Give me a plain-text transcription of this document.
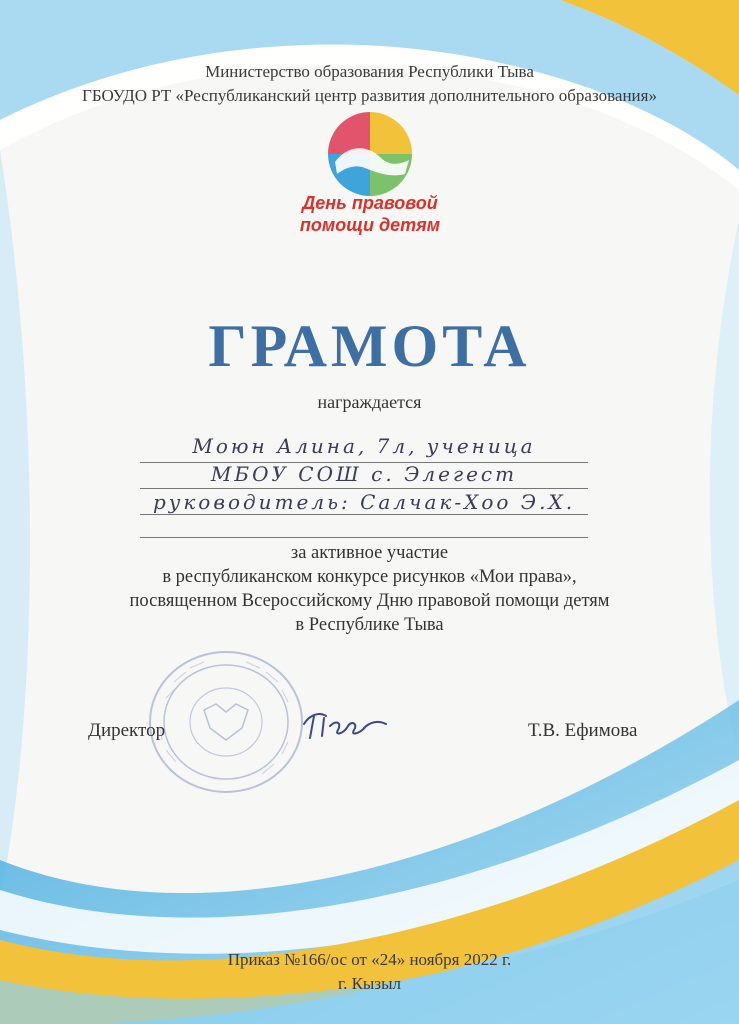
Министерство образования Республики Тыва
ГБОУДО РТ «Республиканский центр развития дополнительного образования»
День правовой
помощи детям
ГРАМОТА
награждается
Моюн Алина, 7л, ученица
МБОУ СОШ с. Элегест
руководитель: Салчак-Хоо Э.Х.
за активное участие
в республиканском конкурсе рисунков «Мои права»,
посвященном Всероссийскому Дню правовой помощи детям
в Республике Тыва
Директор	Т.В. Ефимова
Приказ №166/ос от «24» ноября 2022 г.
г. Кызыл
